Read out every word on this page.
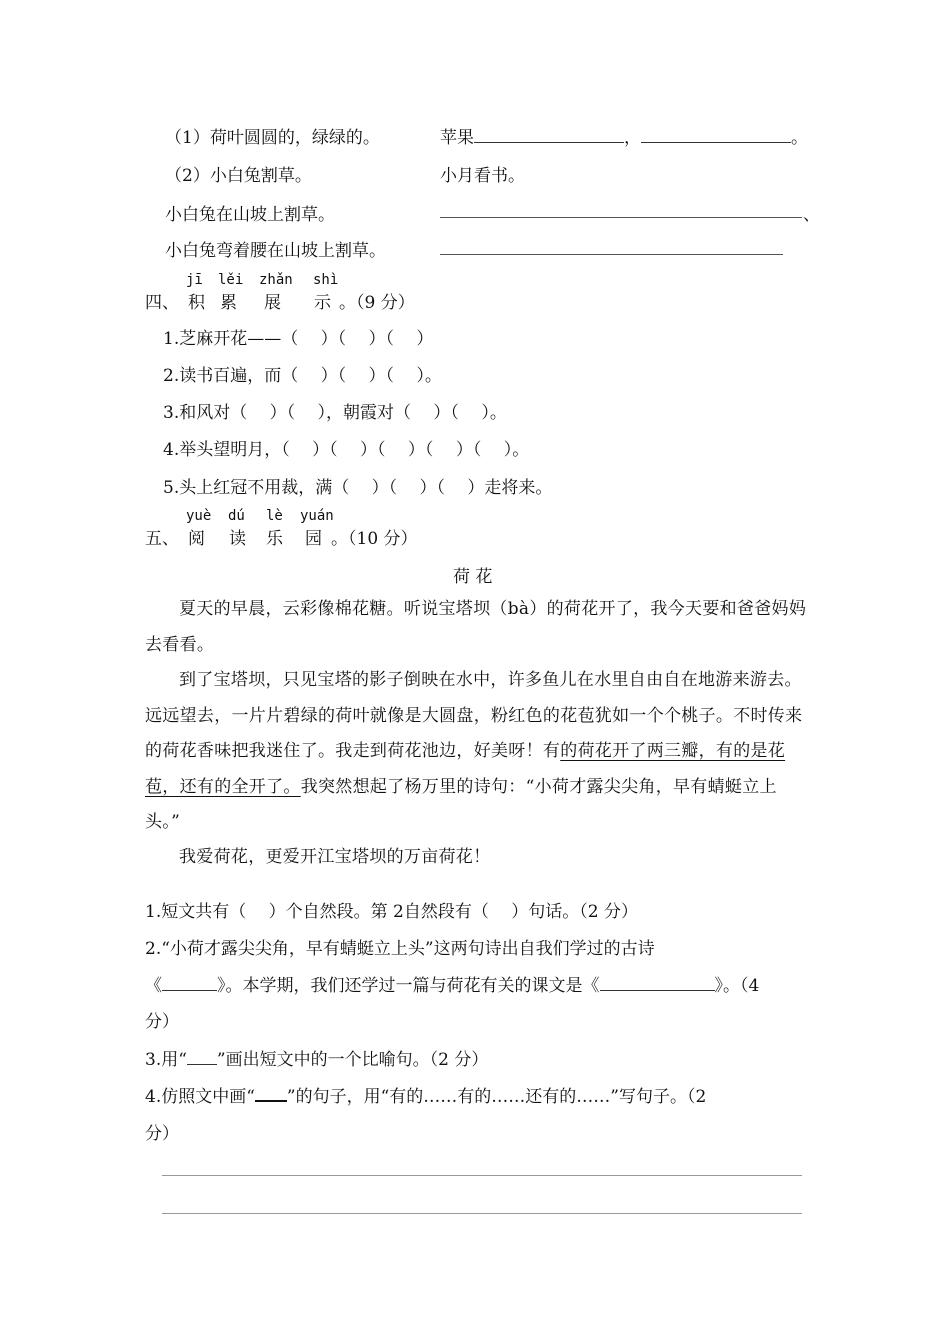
（1）荷叶圆圆的，绿绿的。	苹果	，	。
（2）小白兔割草。	小月看书。
小白兔在山坡上割草。	、
小白兔弯着腰在山坡上割草。
jī lěi zhǎn shì
四、 积 累 展 示 。（9 分）
1.芝麻开花——（　 ）（　 ）（　 ）
2.读书百遍，而（　 ）（　 ）（　 ）。
3.和风对（　 ）（　 ），朝霞对（　 ）（　 ）。
4.举头望明月，（　 ）（　 ）（　 ）（　 ）（　 ）。
5.头上红冠不用裁，满（　 ）（　 ）（　 ）走将来。
yuè dú lè yuán
五、 阅 读 乐 园 。（10 分）
荷 花
夏天的早晨，云彩像棉花糖。听说宝塔坝（bà）的荷花开了，我今天要和爸爸妈妈去看看。
到了宝塔坝，只见宝塔的影子倒映在水中，许多鱼儿在水里自由自在地游来游去。远远望去，一片片碧绿的荷叶就像是大圆盘，粉红色的花苞犹如一个个桃子。不时传来的荷花香味把我迷住了。我走到荷花池边，好美呀！有的荷花开了两三瓣，有的是花苞，还有的全开了。我突然想起了杨万里的诗句：“小荷才露尖尖角，早有蜻蜓立上头。”
我爱荷花，更爱开江宝塔坝的万亩荷花！
1.短文共有（　 ）个自然段。第 2自然段有（　 ）句话。（2 分）
2.“小荷才露尖尖角，早有蜻蜓立上头”这两句诗出自我们学过的古诗
《	》。本学期，我们还学过一篇与荷花有关的课文是《	》。（4
分）
3.用“ ”画出短文中的一个比喻句。（2 分）
4.仿照文中画“ ”的句子，用“有的……有的……还有的……”写句子。（2
分）
